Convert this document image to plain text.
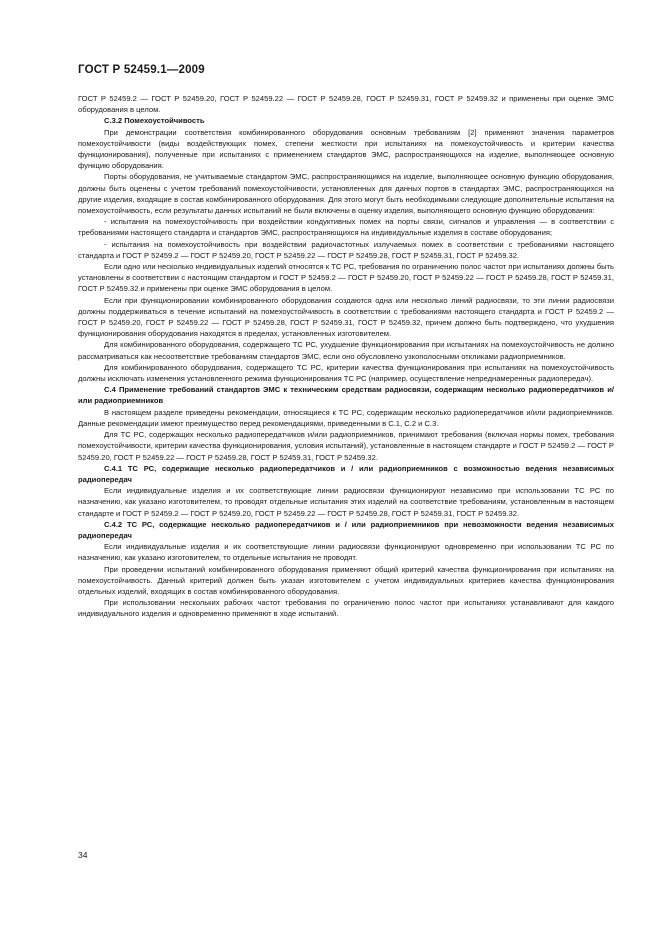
ГОСТ Р 52459.1—2009

ГОСТ Р 52459.2 — ГОСТ Р 52459.20, ГОСТ Р 52459.22 — ГОСТ Р 52459.28, ГОСТ Р 52459.31, ГОСТ Р 52459.32 и применены при оценке ЭМС оборудования в целом.

С.3.2 Помехоустойчивость

При демонстрации соответствия комбинированного оборудования основным требованиям [2] применяют значения параметров помехоустойчивости (виды воздействующих помех, степени жесткости при испытаниях на помехоустойчивость и критерии качества функционирования), полученные при испытаниях с применением стандартов ЭМС, распространяющихся на изделие, выполняющее основную функцию оборудования.

Порты оборудования, не учитываемые стандартом ЭМС, распространяющимся на изделие, выполняющее основную функцию оборудования, должны быть оценены с учетом требований помехоустойчивости, установленных для данных портов в стандартах ЭМС, распространяющихся на другие изделия, входящие в состав комбинированного оборудования. Для этого могут быть необходимыми следующие дополнительные испытания на помехоустойчивость, если результаты данных испытаний не были включены в оценку изделия, выполняющего основную функцию оборудования:

- испытания на помехоустойчивость при воздействии кондуктивных помех на порты связи, сигналов и управления — в соответствии с требованиями настоящего стандарта и стандартов ЭМС, распространяющихся на индивидуальные изделия в составе оборудования;

- испытания на помехоустойчивость при воздействии радиочастотных излучаемых помех в соответствии с требованиями настоящего стандарта и ГОСТ Р 52459.2 — ГОСТ Р 52459.20, ГОСТ Р 52459.22 — ГОСТ Р 52459.28, ГОСТ Р 52459.31, ГОСТ Р 52459.32.

Если одно или несколько индивидуальных изделий относятся к ТС РС, требования по ограничению полос частот при испытаниях должны быть установлены в соответствии с настоящим стандартом и ГОСТ Р 52459.2 — ГОСТ Р 52459.20, ГОСТ Р 52459.22 — ГОСТ Р 52459.28, ГОСТ Р 52459.31, ГОСТ Р 52459.32 и применены при оценке ЭМС оборудования в целом.

Если при функционировании комбинированного оборудования создаются одна или несколько линий радиосвязи, то эти линии радиосвязи должны поддерживаться в течение испытаний на помехоустойчивость в соответствии с требованиями настоящего стандарта и ГОСТ Р 52459.2 — ГОСТ Р 52459.20, ГОСТ Р 52459.22 — ГОСТ Р 52459.28, ГОСТ Р 52459.31, ГОСТ Р 52459.32, причем должно быть подтверждено, что ухудшения функционирования оборудования находятся в пределах, установленных изготовителем.

Для комбинированного оборудования, содержащего ТС РС, ухудшение функционирования при испытаниях на помехоустойчивость не должно рассматриваться как несоответствие требованиям стандартов ЭМС, если оно обусловлено узкополосными откликами радиоприемников.

Для комбинированного оборудования, содержащего ТС РС, критерии качества функционирования при испытаниях на помехоустойчивость должны исключать изменения установленного режима функционирования ТС РС (например, осуществление непреднамеренных радиопередач).

С.4 Применение требований стандартов ЭМС к техническим средствам радиосвязи, содержащим несколько радиопередатчиков и/или радиоприемников

В настоящем разделе приведены рекомендации, относящиеся к ТС РС, содержащим несколько радиопередатчиков и/или радиоприемников. Данные рекомендации имеют преимущество перед рекомендациями, приведенными в С.1, С.2 и С.3.

Для ТС РС, содержащих несколько радиопередатчиков и/или радиоприемников, принимают требования (включая нормы помех, требования помехоустойчивости, критерии качества функционирования, условия испытаний), установленные в настоящем стандарте и ГОСТ Р 52459.2 — ГОСТ Р 52459.20, ГОСТ Р 52459.22 — ГОСТ Р 52459.28, ГОСТ Р 52459.31, ГОСТ Р 52459.32.

С.4.1 ТС РС, содержащие несколько радиопередатчиков и / или радиоприемников с возможностью ведения независимых радиопередач

Если индивидуальные изделия и их соответствующие линии радиосвязи функционируют независимо при использовании ТС РС по назначению, как указано изготовителем, то проводят отдельные испытания этих изделий на соответствие требованиям, установленным в настоящем стандарте и ГОСТ Р 52459.2 — ГОСТ Р 52459.20, ГОСТ Р 52459.22 — ГОСТ Р 52459.28, ГОСТ Р 52459.31, ГОСТ Р 52459.32.

С.4.2 ТС РС, содержащие несколько радиопередатчиков и / или радиоприемников при невозможности ведения независимых радиопередач

Если индивидуальные изделия и их соответствующие линии радиосвязи функционируют одновременно при использовании ТС РС по назначению, как указано изготовителем, то отдельные испытания не проводят.

При проведении испытаний комбинированного оборудования применяют общий критерий качества функционирования при испытаниях на помехоустойчивость. Данный критерий должен быть указан изготовителем с учетом индивидуальных критериев качества функционирования отдельных изделий, входящих в состав комбинированного оборудования.

При использовании нескольких рабочих частот требования по ограничению полос частот при испытаниях устанавливают для каждого индивидуального изделия и одновременно применяют в ходе испытаний.

34
